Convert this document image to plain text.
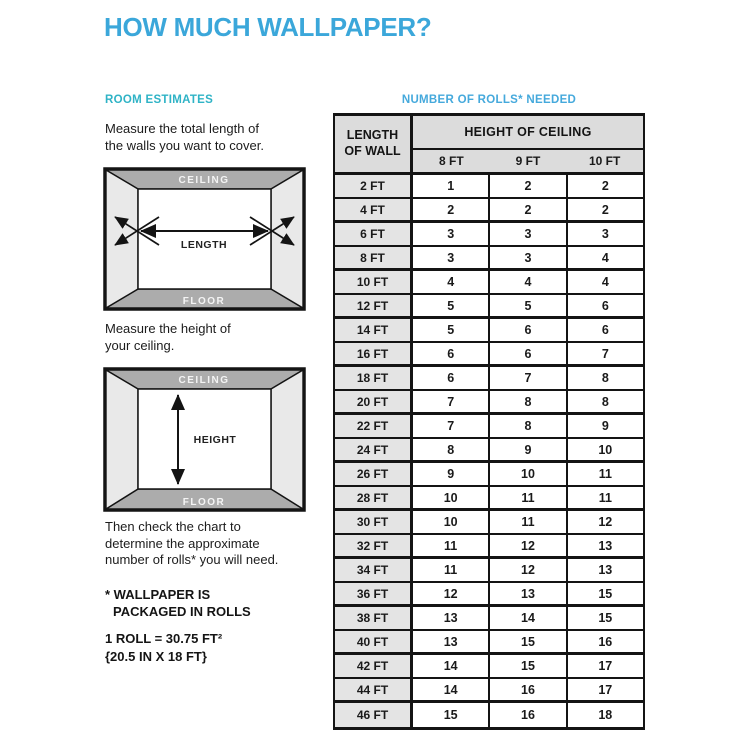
HOW MUCH WALLPAPER?
ROOM ESTIMATES
Measure the total length of
the walls you want to cover.
CEILING
FLOOR
LENGTH
Measure the height of
your ceiling.
CEILING
FLOOR
HEIGHT
Then check the chart to
determine the approximate
number of rolls* you will need.
* WALLPAPER IS
PACKAGED IN ROLLS
1 ROLL = 30.75 FT²
{20.5 IN X 18 FT}
NUMBER OF ROLLS* NEEDED
LENGTH
OF WALL
HEIGHT OF CEILING
8 FT	9 FT	10 FT
2 FT	1	2	2
4 FT	2	2	2
6 FT	3	3	3
8 FT	3	3	4
10 FT	4	4	4
12 FT	5	5	6
14 FT	5	6	6
16 FT	6	6	7
18 FT	6	7	8
20 FT	7	8	8
22 FT	7	8	9
24 FT	8	9	10
26 FT	9	10	11
28 FT	10	11	11
30 FT	10	11	12
32 FT	11	12	13
34 FT	11	12	13
36 FT	12	13	15
38 FT	13	14	15
40 FT	13	15	16
42 FT	14	15	17
44 FT	14	16	17
46 FT	15	16	18
